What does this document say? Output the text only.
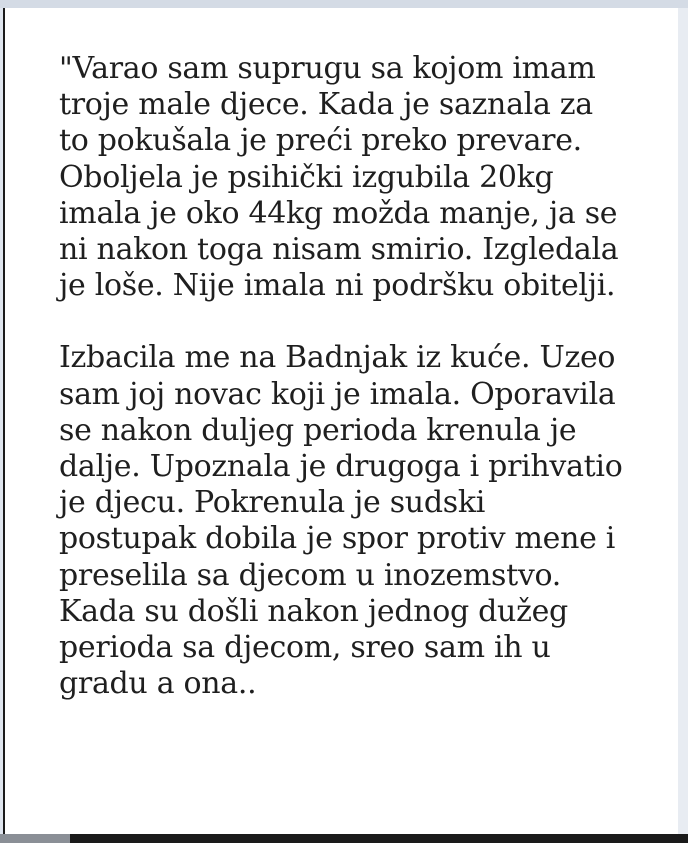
"Varao sam suprugu sa kojom imam
troje male djece. Kada je saznala za
to pokušala je preći preko prevare.
Oboljela je psihički izgubila 20kg
imala je oko 44kg možda manje, ja se
ni nakon toga nisam smirio. Izgledala
je loše. Nije imala ni podršku obitelji.
Izbacila me na Badnjak iz kuće. Uzeo
sam joj novac koji je imala. Oporavila
se nakon duljeg perioda krenula je
dalje. Upoznala je drugoga i prihvatio
je djecu. Pokrenula je sudski
postupak dobila je spor protiv mene i
preselila sa djecom u inozemstvo.
Kada su došli nakon jednog dužeg
perioda sa djecom, sreo sam ih u
gradu a ona..
